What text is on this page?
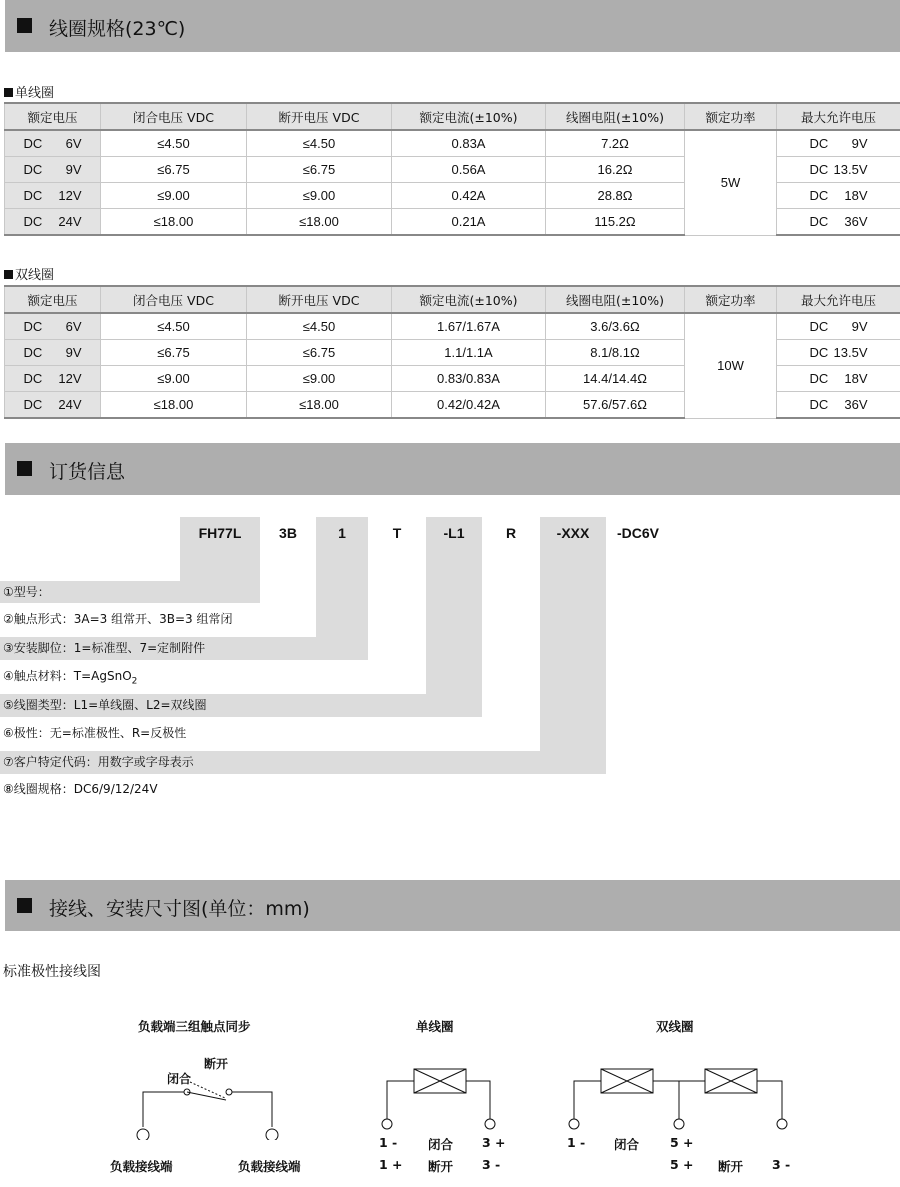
线圈规格(23℃)
单线圈
额定电压	闭合电压 VDC	断开电压 VDC	额定电流(±10%)	线圈电阻(±10%)	额定功率	最大允许电压
DC 6V	≤4.50	≤4.50	0.83A	7.2Ω	5W	DC 9V

DC 9V	≤6.75	≤6.75	0.56A	16.2Ω		DC 13.5V

DC 12V	≤9.00	≤9.00	0.42A	28.8Ω		DC 18V

DC 24V	≤18.00	≤18.00	0.21A	115.2Ω		DC 36V
双线圈
额定电压	闭合电压 VDC	断开电压 VDC	额定电流(±10%)	线圈电阻(±10%)	额定功率	最大允许电压
DC 6V	≤4.50	≤4.50	1.67/1.67A	3.6/3.6Ω	10W	DC 9V

DC 9V	≤6.75	≤6.75	1.1/1.1A	8.1/8.1Ω		DC 13.5V

DC 12V	≤9.00	≤9.00	0.83/0.83A	14.4/14.4Ω		DC 18V

DC 24V	≤18.00	≤18.00	0.42/0.42A	57.6/57.6Ω		DC 36V
订货信息
FH77L	3B	1	T	-L1	R	-XXX	-DC6V
①型号：
②触点形式：3A=3 组常开、3B=3 组常闭
③安装脚位：1=标准型、7=定制附件
④触点材料：T=AgSnO$_2$
⑤线圈类型：L1=单线圈、L2=双线圈
⑥极性：无=标准极性、R=反极性
⑦客户特定代码：用数字或字母表示
⑧线圈规格：DC6/9/12/24V
接线、安装尺寸图(单位：mm)
标准极性接线图
负载端三组触点同步	单线圈	双线圈
断开
闭合
负载接线端	负载接线端
1 - 闭合 3 +
1 + 断开 3 -
1 - 闭合 5 +
5 + 断开 3 -
